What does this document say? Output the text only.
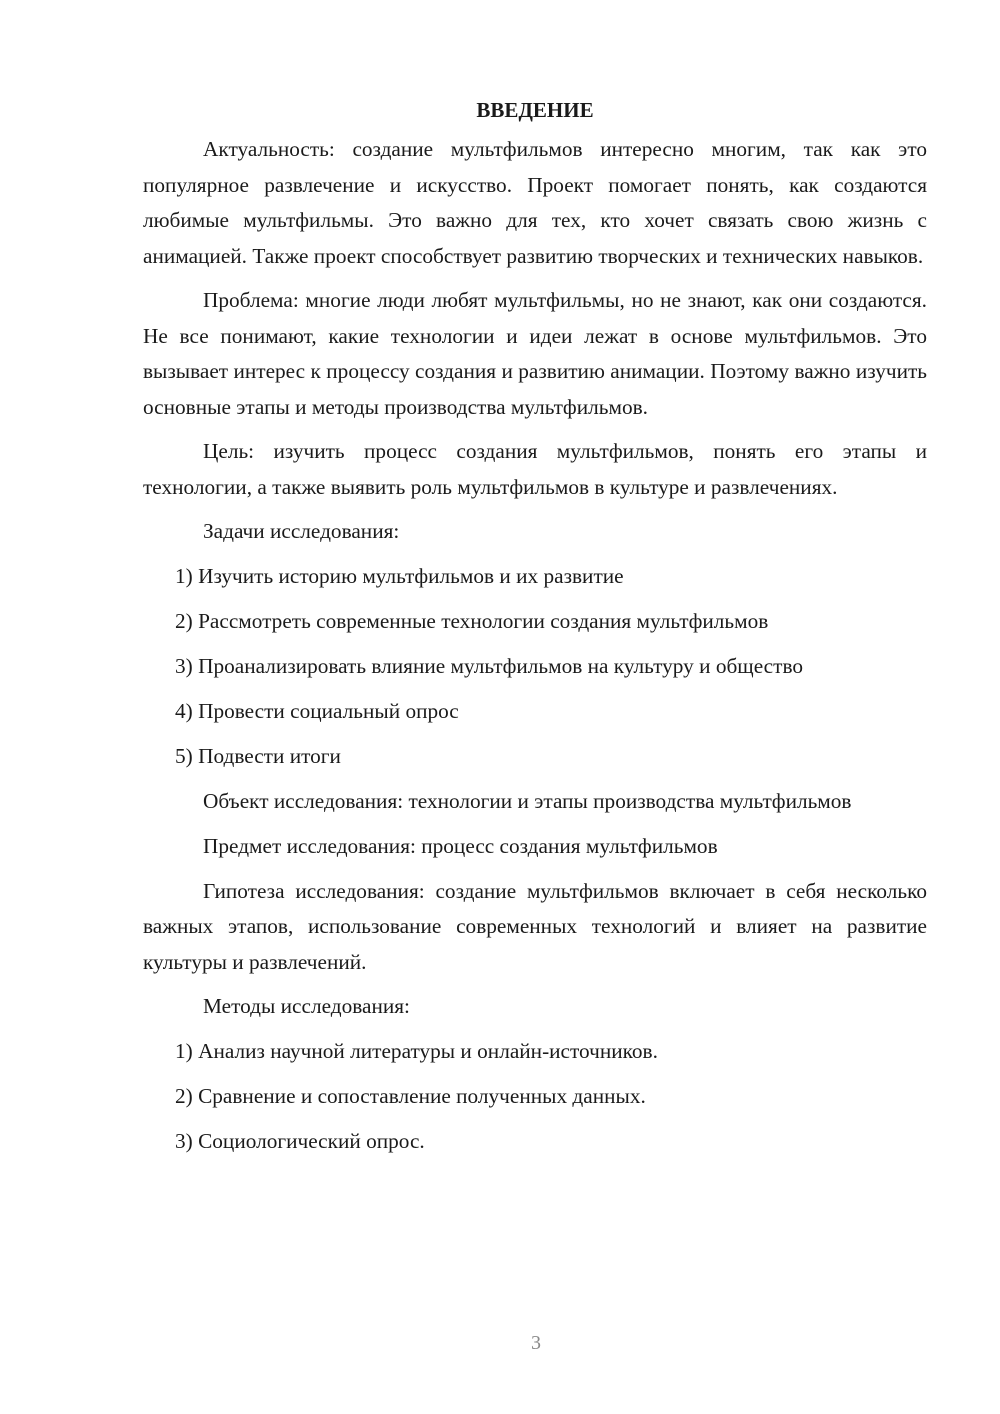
ВВЕДЕНИЕ
Актуальность: создание мультфильмов интересно многим, так как это популярное развлечение и искусство. Проект помогает понять, как создаются любимые мультфильмы. Это важно для тех, кто хочет связать свою жизнь с анимацией. Также проект способствует развитию творческих и технических навыков.
Проблема: многие люди любят мультфильмы, но не знают, как они создаются. Не все понимают, какие технологии и идеи лежат в основе мультфильмов. Это вызывает интерес к процессу создания и развитию анимации. Поэтому важно изучить основные этапы и методы производства мультфильмов.
Цель: изучить процесс создания мультфильмов, понять его этапы и технологии, а также выявить роль мультфильмов в культуре и развлечениях.
Задачи исследования:
1) Изучить историю мультфильмов и их развитие
2) Рассмотреть современные технологии создания мультфильмов
3) Проанализировать влияние мультфильмов на культуру и общество
4) Провести социальный опрос
5) Подвести итоги
Объект исследования: технологии и этапы производства мультфильмов
Предмет исследования: процесс создания мультфильмов
Гипотеза исследования: создание мультфильмов включает в себя несколько важных этапов, использование современных технологий и влияет на развитие культуры и развлечений.
Методы исследования:
1) Анализ научной литературы и онлайн-источников.
2) Сравнение и сопоставление полученных данных.
3) Социологический опрос.
3
